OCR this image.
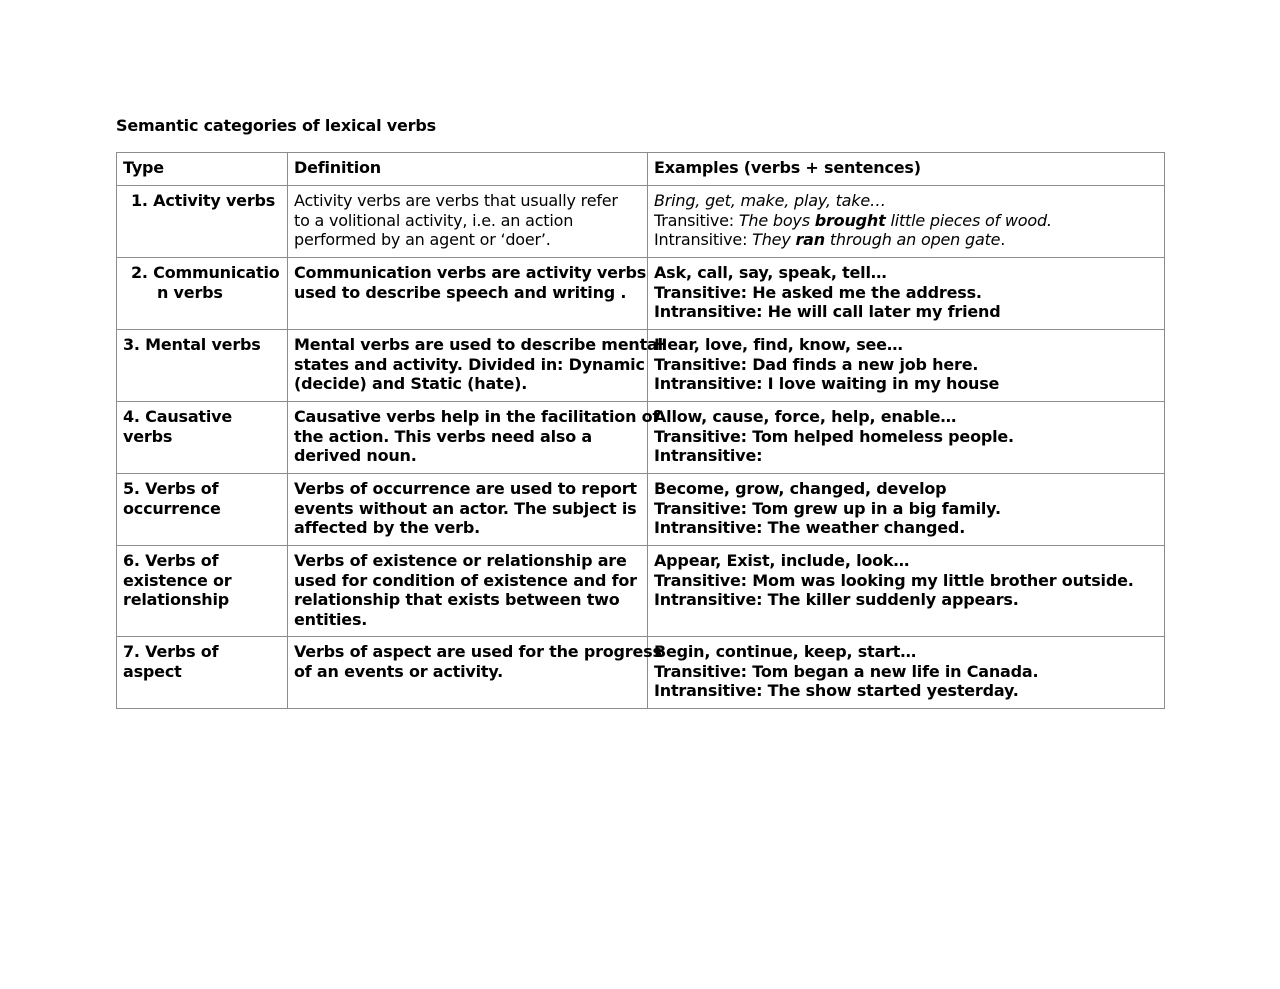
Semantic categories of lexical verbs
Type	Definition	Examples (verbs + sentences)

1. Activity verbs	Activity verbs are verbs that usually refer
to a volitional activity, i.e. an action
performed by an agent or ‘doer’.	Bring, get, make, play, take…
Transitive: The boys brought little pieces of wood.
Intransitive: They ran through an open gate.

2. Communicatio
n verbs	Communication verbs are activity verbs
used to describe speech and writing .	Ask, call, say, speak, tell…
Transitive: He asked me the address.
Intransitive: He will call later my friend

3. Mental verbs	Mental verbs are used to describe mental
states and activity. Divided in: Dynamic
(decide) and Static (hate).	Hear, love, find, know, see…
Transitive: Dad finds a new job here.
Intransitive: I love waiting in my house

4. Causative
verbs	Causative verbs help in the facilitation of
the action. This verbs need also a
derived noun.	Allow, cause, force, help, enable…
Transitive: Tom helped homeless people.
Intransitive:

5. Verbs of
occurrence	Verbs of occurrence are used to report
events without an actor. The subject is
affected by the verb.	Become, grow, changed, develop
Transitive: Tom grew up in a big family.
Intransitive: The weather changed.

6. Verbs of
existence or
relationship	Verbs of existence or relationship are
used for condition of existence and for
relationship that exists between two
entities.	Appear, Exist, include, look…
Transitive: Mom was looking my little brother outside.
Intransitive: The killer suddenly appears.

7. Verbs of
aspect	Verbs of aspect are used for the progress
of an events or activity.	Begin, continue, keep, start…
Transitive: Tom began a new life in Canada.
Intransitive: The show started yesterday.
